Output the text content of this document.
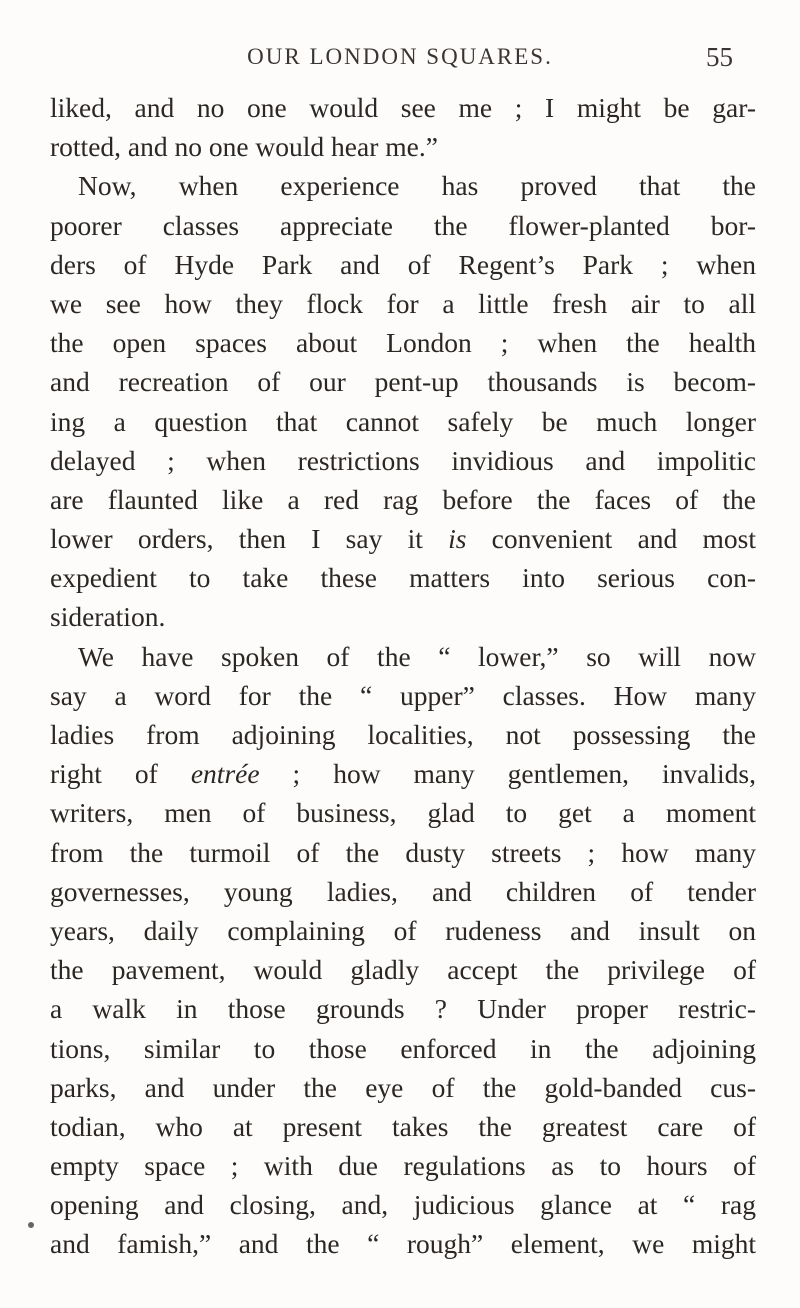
OUR LONDON SQUARES.	55
liked, and no one would see me ; I might be gar-
rotted, and no one would hear me.”
Now, when experience has proved that the
poorer classes appreciate the flower-planted bor-
ders of Hyde Park and of Regent’s Park ; when
we see how they flock for a little fresh air to all
the open spaces about London ; when the health
and recreation of our pent-up thousands is becom-
ing a question that cannot safely be much longer
delayed ; when restrictions invidious and impolitic
are flaunted like a red rag before the faces of the
lower orders, then I say it is convenient and most
expedient to take these matters into serious con-
sideration.
We have spoken of the “ lower,” so will now
say a word for the “ upper” classes. How many
ladies from adjoining localities, not possessing the
right of entrée ; how many gentlemen, invalids,
writers, men of business, glad to get a moment
from the turmoil of the dusty streets ; how many
governesses, young ladies, and children of tender
years, daily complaining of rudeness and insult on
the pavement, would gladly accept the privilege of
a walk in those grounds ? Under proper restric-
tions, similar to those enforced in the adjoining
parks, and under the eye of the gold-banded cus-
todian, who at present takes the greatest care of
empty space ; with due regulations as to hours of
opening and closing, and, judicious glance at “ rag
and famish,” and the “ rough” element, we might
